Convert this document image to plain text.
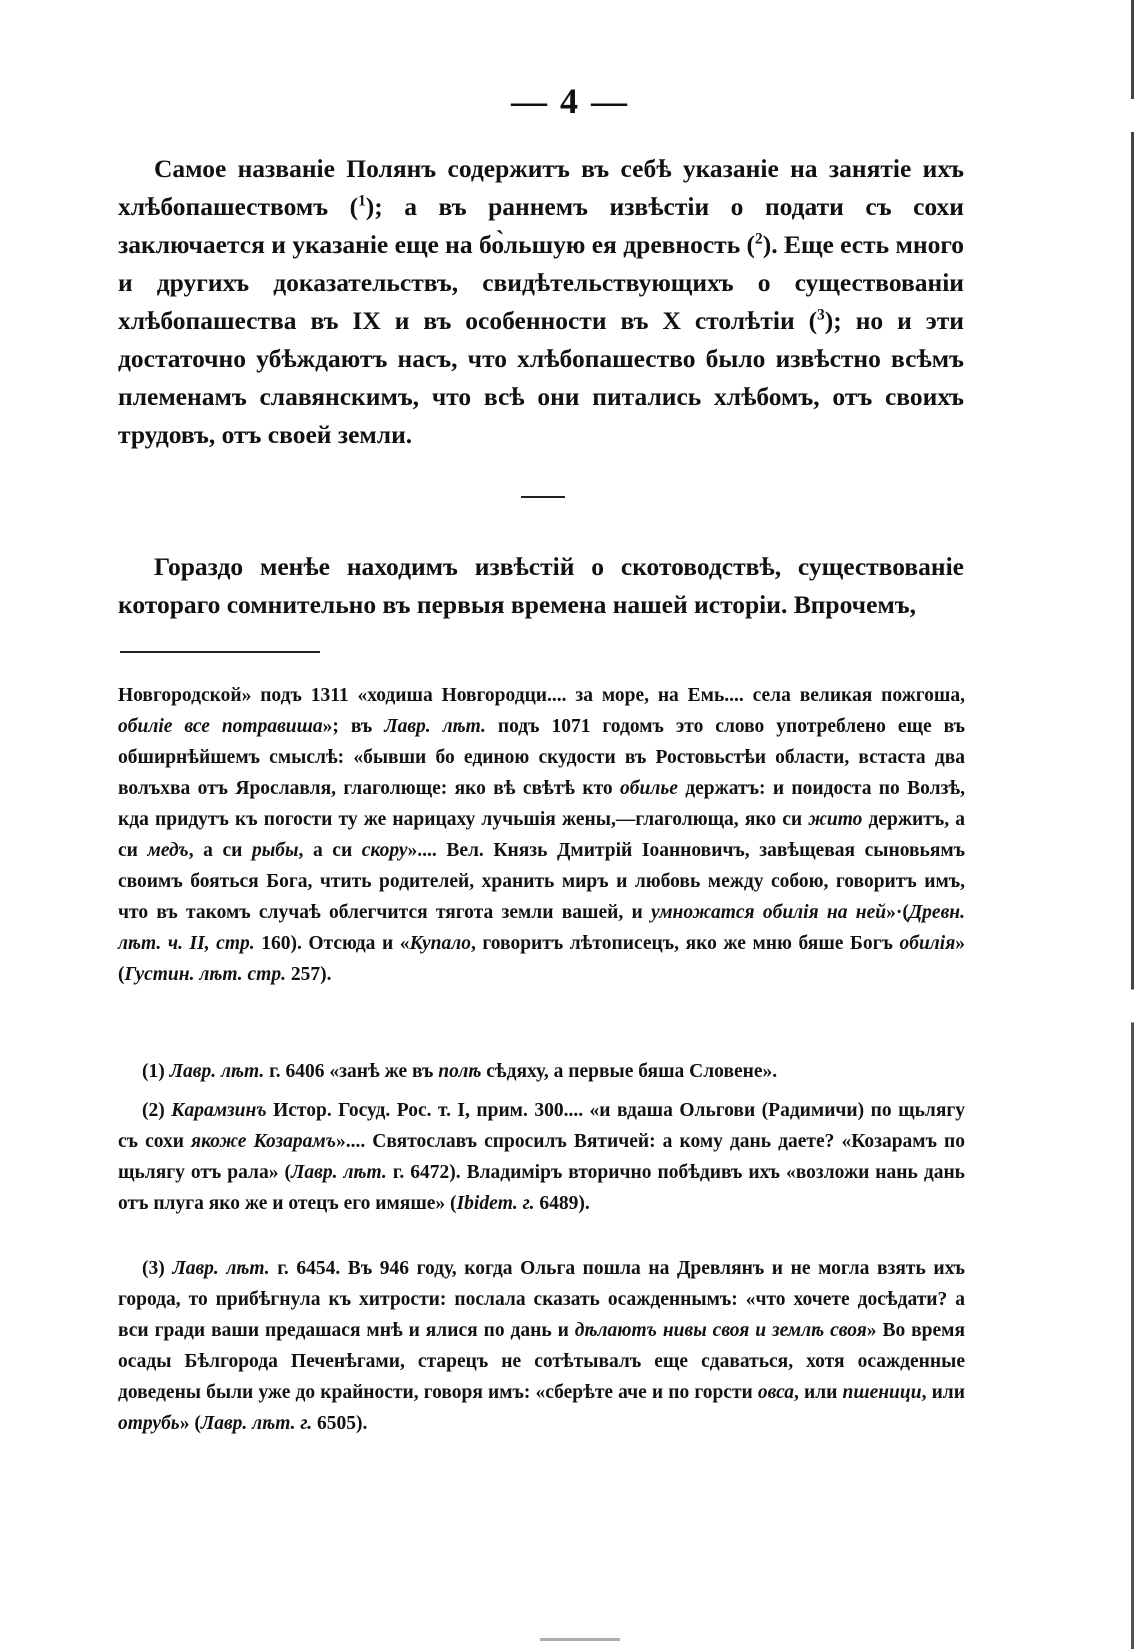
— 4 —

Самое названіе Полянъ содержитъ въ себѣ указаніе на занятіе ихъ хлѣбопашествомъ ($^1$); а въ раннемъ извѣстіи о подати съ сохи заключается и указаніе еще на бо̀льшую ея древность ($^2$). Еще есть много и другихъ доказательствъ, свидѣтельствующихъ о существованіи хлѣбопашества въ IX и въ особенности въ X столѣтіи ($^3$); но и эти достаточно убѣждаютъ насъ, что хлѣбопашество было извѣстно всѣмъ племенамъ славянскимъ, что всѣ они питались хлѣбомъ, отъ своихъ трудовъ, отъ своей земли.

Гораздо менѣе находимъ извѣстій о скотоводствѣ, существованіе котораго сомнительно въ первыя времена нашей исторіи. Впрочемъ,

Новгородской» подъ 1311 «ходиша Новгородци.... за море, на Емь.... села великая пожгоша, обиліе все потравиша»; въ Лавр. лѣт. подъ 1071 годомъ это слово употреблено еще въ обширнѣйшемъ смыслѣ: «бывши бо единою скудости въ Ростовьстѣи области, встаста два волъхва отъ Ярославля, глаголюще: яко вѣ свѣтѣ кто обилье держатъ: и поидоста по Волзѣ, кда придутъ къ погости ту же нарицаху лучьшія жены,—глаголюща, яко си жито держитъ, а си медъ, а си рыбы, а си скору».... Вел. Князь Дмитрій Іоанновичъ, завѣщевая сыновьямъ своимъ бояться Бога, чтить родителей, хранить миръ и любовь между собою, говоритъ имъ, что въ такомъ случаѣ облегчится тягота земли вашей, и умножатся обилія на ней»·(Древн. лѣт. ч. II, стр. 160). Отсюда и «Купало, говоритъ лѣтописецъ, яко же мню бяше Богъ обилія» (Густин. лѣт. стр. 257).

(1) Лавр. лѣт. г. 6406 «занѣ же въ полѣ сѣдяху, а первые бяша Словене».

(2) Карамзинъ Истор. Госуд. Рос. т. I, прим. 300.... «и вдаша Ольгови (Радимичи) по щьлягу съ сохи якоже Козарамъ».... Святославъ спросилъ Вятичей: а кому дань даете? «Козарамъ по щьлягу отъ рала» (Лавр. лѣт. г. 6472). Владиміръ вторично побѣдивъ ихъ «возложи нань дань отъ плуга яко же и отецъ его имяше» (Ibidem. г. 6489).

(3) Лавр. лѣт. г. 6454. Въ 946 году, когда Ольга пошла на Древлянъ и не могла взять ихъ города, то прибѣгнула къ хитрости: послала сказать осажденнымъ: «что хочете досѣдати? а вси гради ваши предашася мнѣ и ялися по дань и дѣлаютъ нивы своя и землѣ своя» Во время осады Бѣлгорода Печенѣгами, старецъ не сотѣтывалъ еще сдаваться, хотя осажденные доведены были уже до крайности, говоря имъ: «сберѣте аче и по горсти овса, или пшеници, или отрубь» (Лавр. лѣт. г. 6505).
